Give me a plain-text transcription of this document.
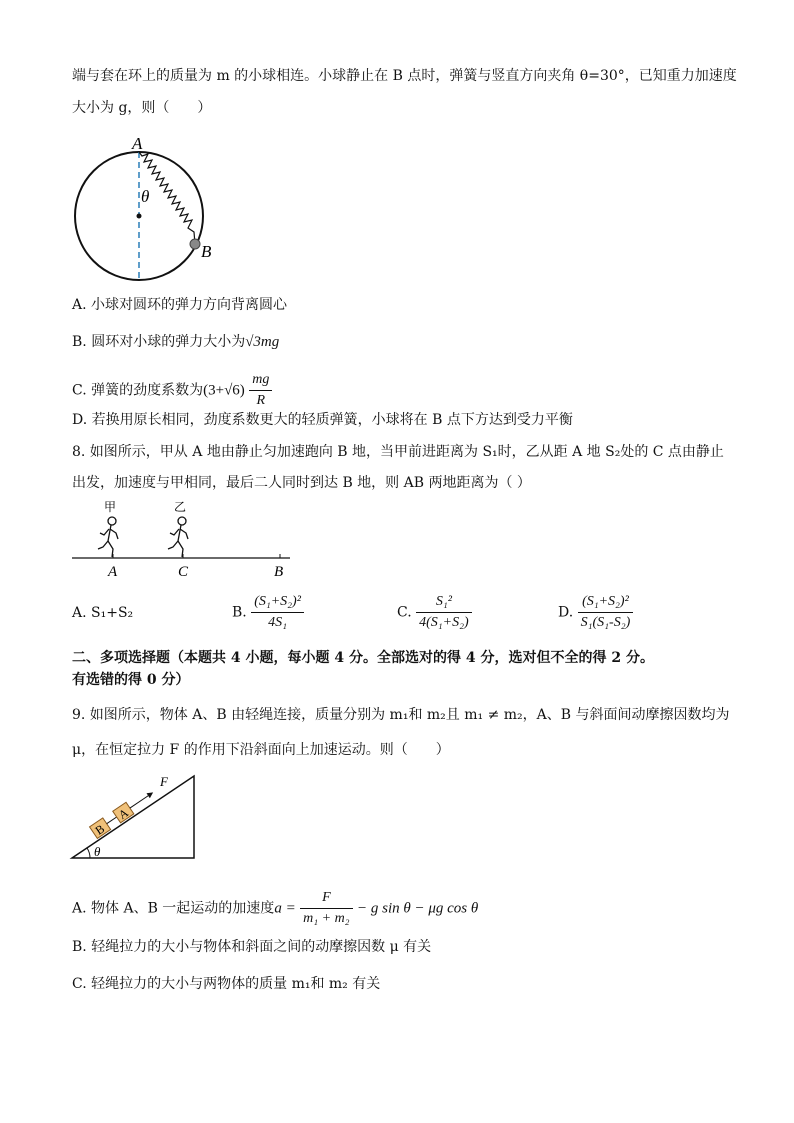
端与套在环上的质量为 m 的小球相连。小球静止在 B 点时，弹簧与竖直方向夹角 θ=30°，已知重力加速度
大小为 g，则（　　）
A
B
θ
A. 小球对圆环的弹力方向背离圆心
B. 圆环对小球的弹力大小为√3mg
C. 弹簧的劲度系数为$(3+√6) \frac{mg}{R}$
D. 若换用原长相同，劲度系数更大的轻质弹簧，小球将在 B 点下方达到受力平衡
8. 如图所示，甲从 A 地由静止匀加速跑向 B 地，当甲前进距离为 S₁时，乙从距 A 地 S₂处的 C 点由静止
出发，加速度与甲相同，最后二人同时到达 B 地，则 AB 两地距离为（ ）
甲	乙
A	C	B
A. S₁+S₂	B. $\frac{\text{(S₁+S₂)²}}{\text{4S₁}}$	C. $\frac{\text{S₁²}}{\text{4(S₁+S₂)}}$	D. $\frac{\text{(S₁+S₂)²}}{\text{S₁(S₁-S₂)}}$
二、多项选择题（本题共 4 小题，每小题 4 分。全部选对的得 4 分，选对但不全的得 2 分。
有选错的得 0 分）
9. 如图所示，物体 A、B 由轻绳连接，质量分别为 m₁和 m₂且 m₁ ≠ m₂，A、B 与斜面间动摩擦因数均为
μ，在恒定拉力 F 的作用下沿斜面向上加速运动。则（　　）
θ
B
A
F
A. 物体 A、B 一起运动的加速度$a = \frac{F}{\text{m₁ + m₂}} - g$ sin θ − μg cos θ
B. 轻绳拉力的大小与物体和斜面之间的动摩擦因数 μ 有关
C. 轻绳拉力的大小与两物体的质量 m₁和 m₂ 有关
